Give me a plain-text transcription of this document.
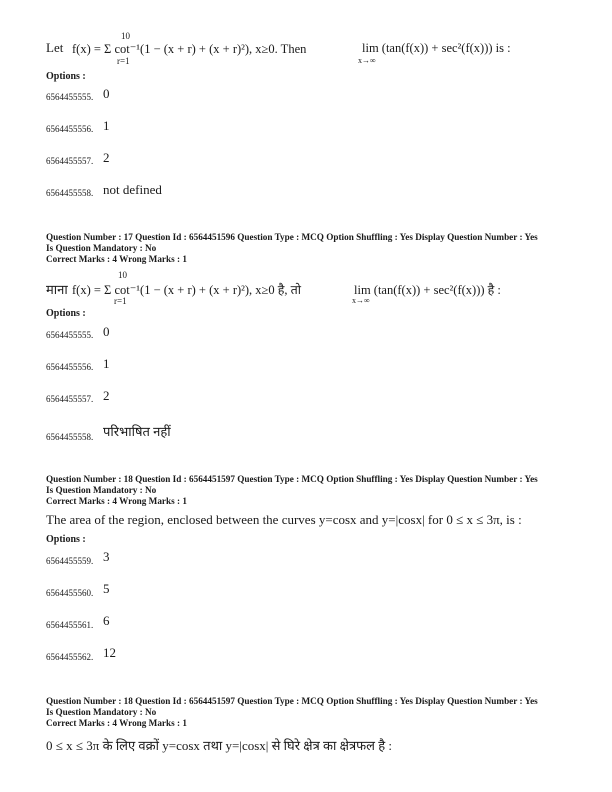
10
Let f(x) = Σ cot⁻¹(1 − (x + r) + (x + r)²), x≥0. Then
r=1
lim (tan(f(x)) + sec²(f(x))) is :
x→∞
Options :
6564455555. 0
6564455556. 1
6564455557. 2
6564455558. not defined
Question Number : 17 Question Id : 6564451596 Question Type : MCQ Option Shuffling : Yes Display Question Number : Yes
Is Question Mandatory : No
Correct Marks : 4 Wrong Marks : 1
10
माना f(x) = Σ cot⁻¹(1 − (x + r) + (x + r)²), x≥0 है, तो
r=1
lim (tan(f(x)) + sec²(f(x))) है :
x→∞
Options :
6564455555. 0
6564455556. 1
6564455557. 2
6564455558. परिभाषित नहीं
Question Number : 18 Question Id : 6564451597 Question Type : MCQ Option Shuffling : Yes Display Question Number : Yes
Is Question Mandatory : No
Correct Marks : 4 Wrong Marks : 1
The area of the region, enclosed between the curves y=cosx and y=|cosx| for 0 ≤ x ≤ 3π, is :
Options :
6564455559. 3
6564455560. 5
6564455561. 6
6564455562. 12
Question Number : 18 Question Id : 6564451597 Question Type : MCQ Option Shuffling : Yes Display Question Number : Yes
Is Question Mandatory : No
Correct Marks : 4 Wrong Marks : 1
0 ≤ x ≤ 3π के लिए वक्रों y=cosx तथा y=|cosx| से घिरे क्षेत्र का क्षेत्रफल है :
